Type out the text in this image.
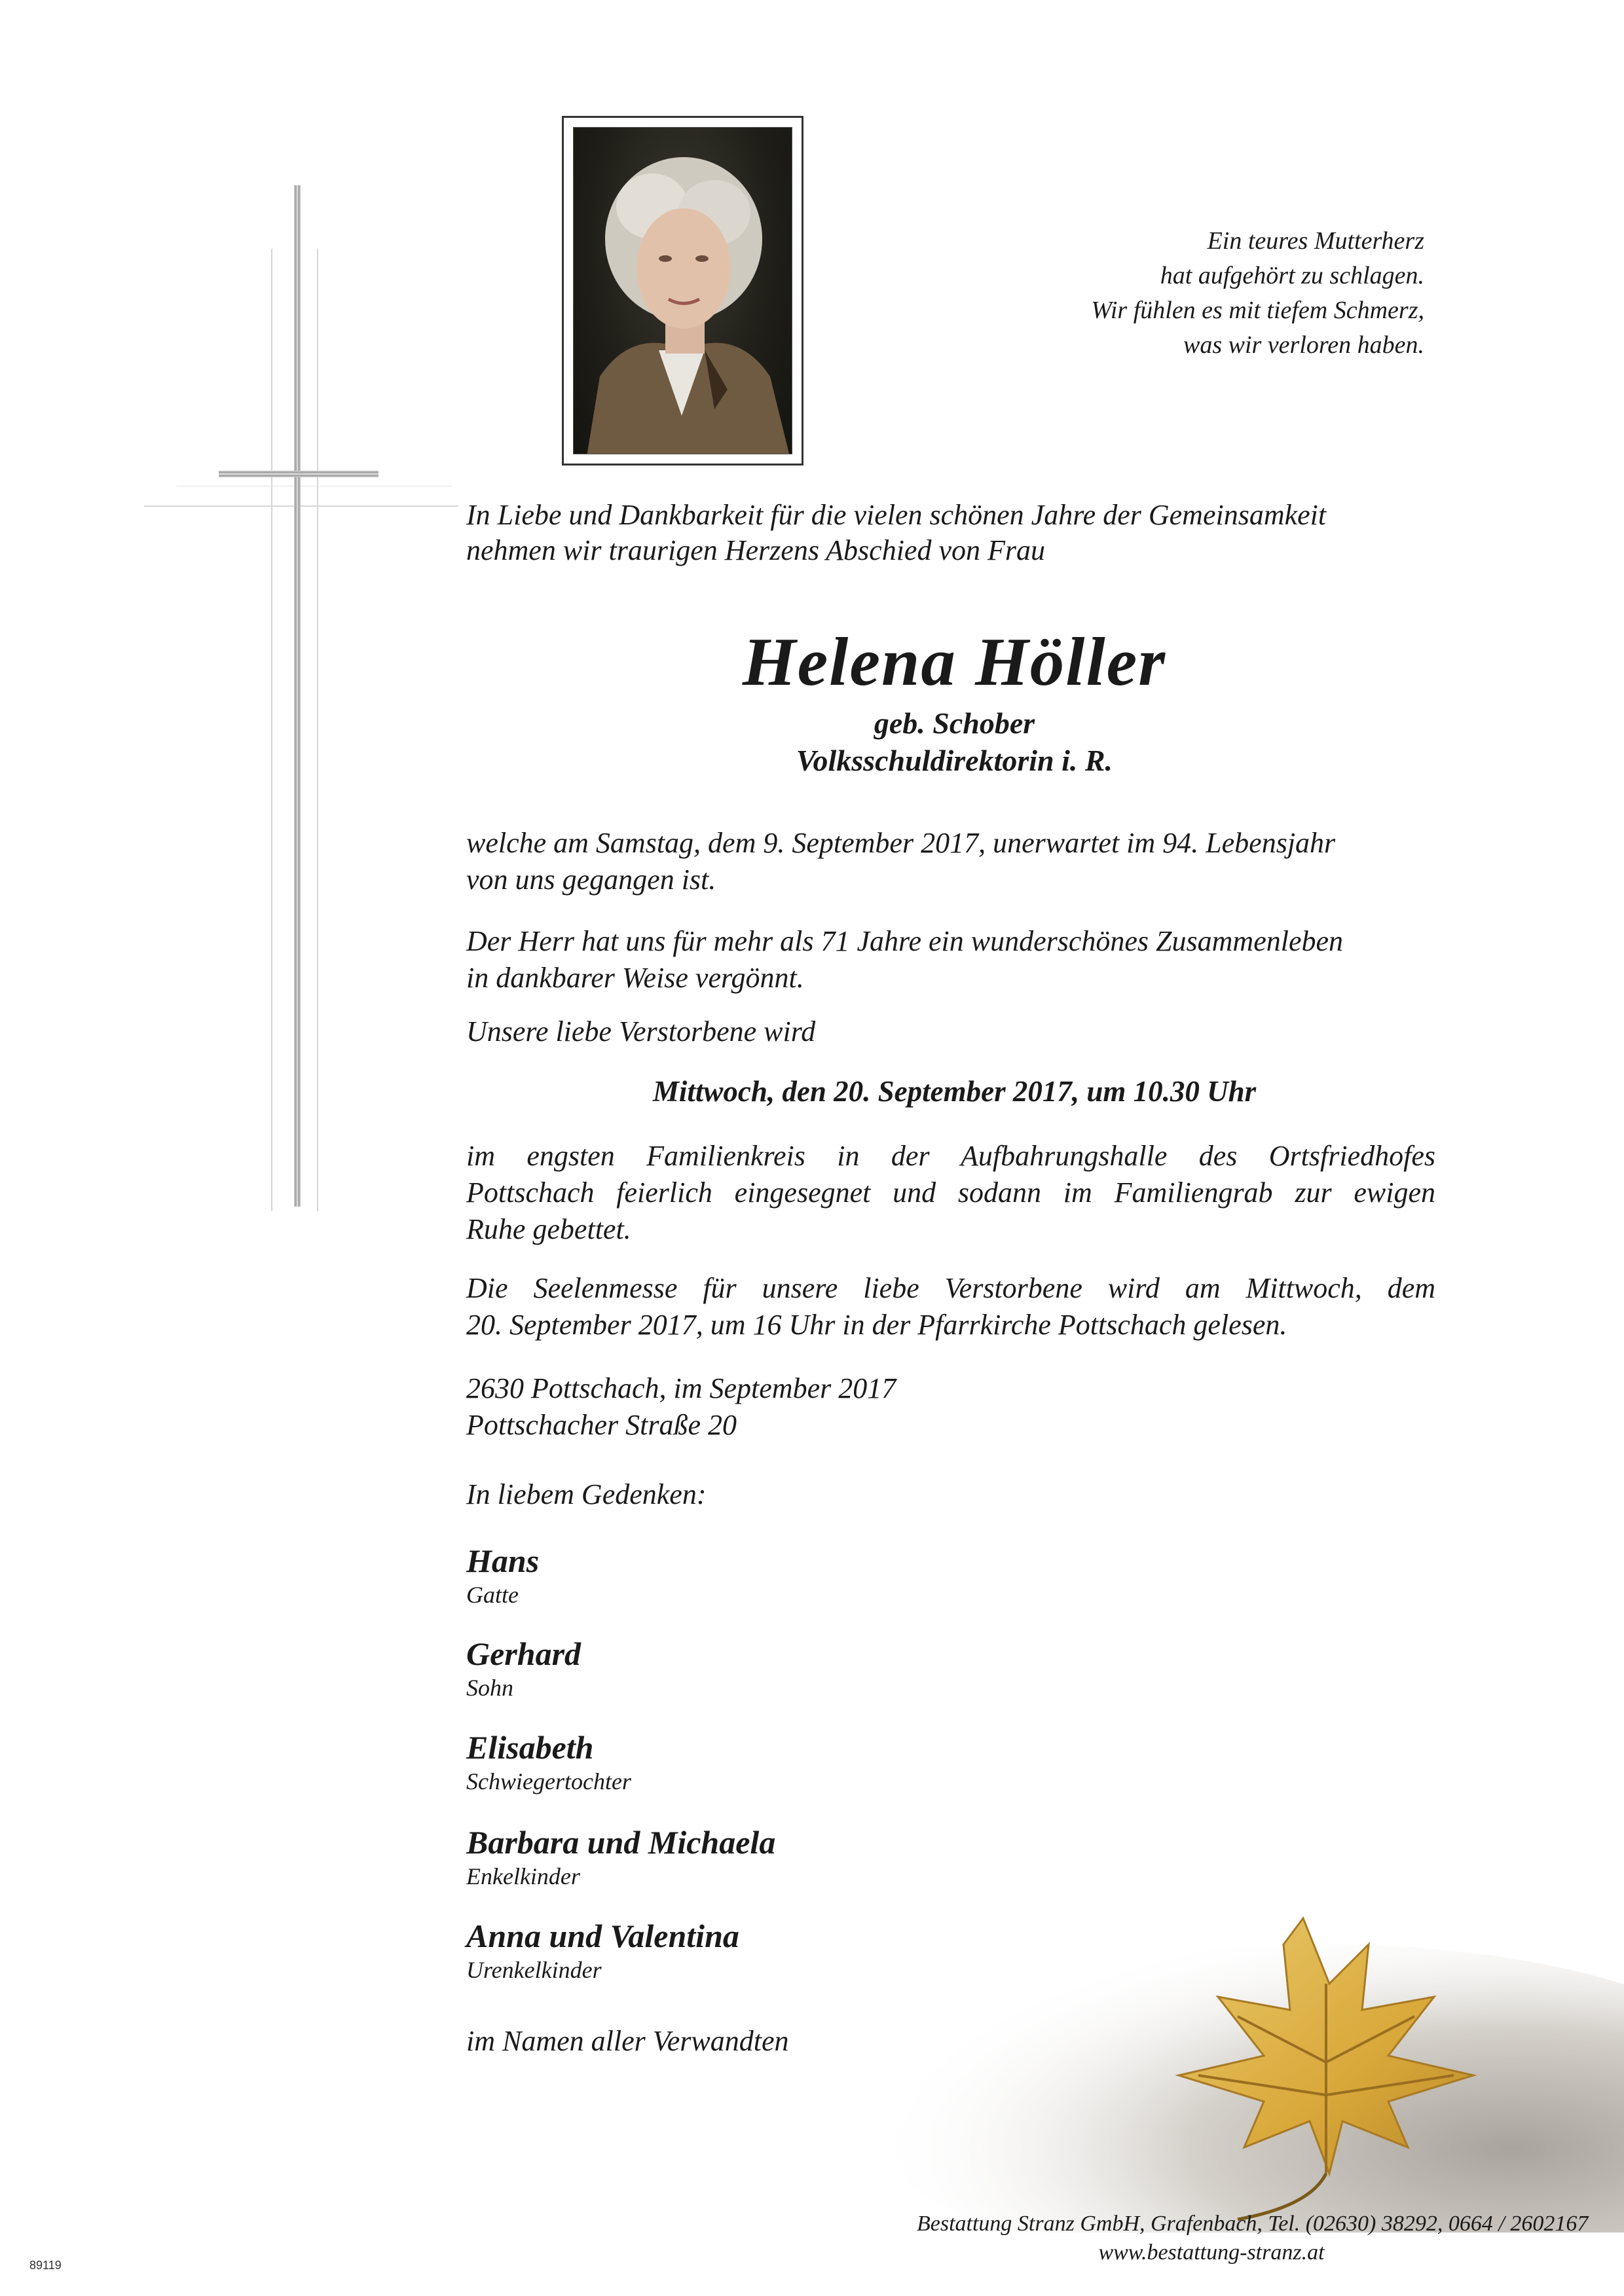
Ein teures Mutterherz
hat aufgehört zu schlagen.
Wir fühlen es mit tiefem Schmerz,
was wir verloren haben.
In Liebe und Dankbarkeit für die vielen schönen Jahre der Gemeinsamkeit
nehmen wir traurigen Herzens Abschied von Frau
Helena Höller
geb. Schober
Volksschuldirektorin i. R.
welche am Samstag, dem 9. September 2017, unerwartet im 94. Lebensjahr
von uns gegangen ist.
Der Herr hat uns für mehr als 71 Jahre ein wunderschönes Zusammenleben
in dankbarer Weise vergönnt.
Unsere liebe Verstorbene wird
Mittwoch, den 20. September 2017, um 10.30 Uhr
im engsten Familienkreis in der Aufbahrungshalle des Ortsfriedhofes
Pottschach feierlich eingesegnet und sodann im Familiengrab zur ewigen
Ruhe gebettet.
Die Seelenmesse für unsere liebe Verstorbene wird am Mittwoch, dem
20. September 2017, um 16 Uhr in der Pfarrkirche Pottschach gelesen.
2630 Pottschach, im September 2017
Pottschacher Straße 20
In liebem Gedenken:
Hans
Gatte
Gerhard
Sohn
Elisabeth
Schwiegertochter
Barbara und Michaela
Enkelkinder
Anna und Valentina
Urenkelkinder
im Namen aller Verwandten
Bestattung Stranz GmbH, Grafenbach, Tel. (02630) 38292, 0664 / 2602167
www.bestattung-stranz.at
89119
